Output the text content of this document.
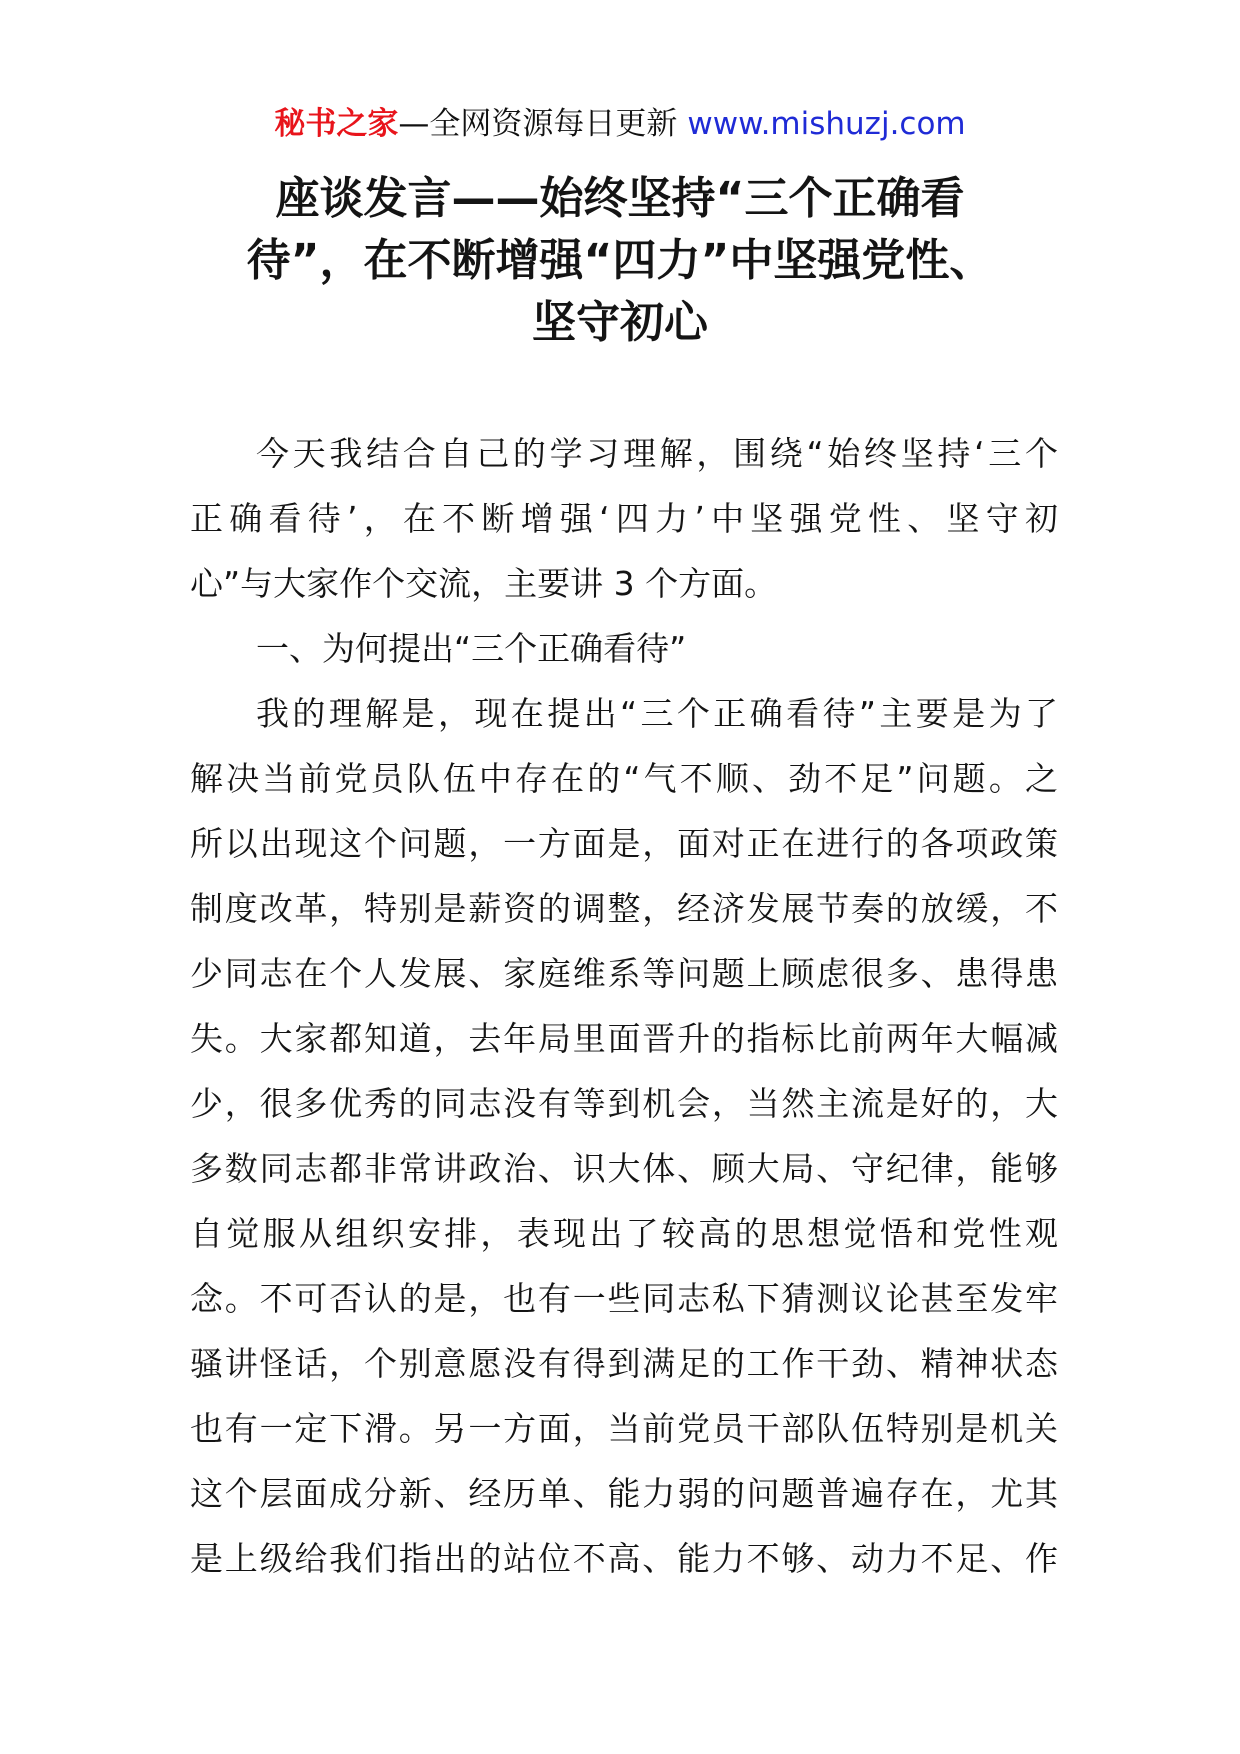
秘书之家—全网资源每日更新 www.mishuzj.com
座谈发言——始终坚持“三个正确看
待”，在不断增强“四力”中坚强党性、
坚守初心
今天我结合自己的学习理解，围绕“始终坚持‘三个
正确看待’，在不断增强‘四力’中坚强党性、坚守初
心”与大家作个交流，主要讲 3 个方面。
一、为何提出“三个正确看待”
我的理解是，现在提出“三个正确看待”主要是为了
解决当前党员队伍中存在的“气不顺、劲不足”问题。之
所以出现这个问题，一方面是，面对正在进行的各项政策
制度改革，特别是薪资的调整，经济发展节奏的放缓，不
少同志在个人发展、家庭维系等问题上顾虑很多、患得患
失。大家都知道，去年局里面晋升的指标比前两年大幅减
少，很多优秀的同志没有等到机会，当然主流是好的，大
多数同志都非常讲政治、识大体、顾大局、守纪律，能够
自觉服从组织安排，表现出了较高的思想觉悟和党性观
念。不可否认的是，也有一些同志私下猜测议论甚至发牢
骚讲怪话，个别意愿没有得到满足的工作干劲、精神状态
也有一定下滑。另一方面，当前党员干部队伍特别是机关
这个层面成分新、经历单、能力弱的问题普遍存在，尤其
是上级给我们指出的站位不高、能力不够、动力不足、作
